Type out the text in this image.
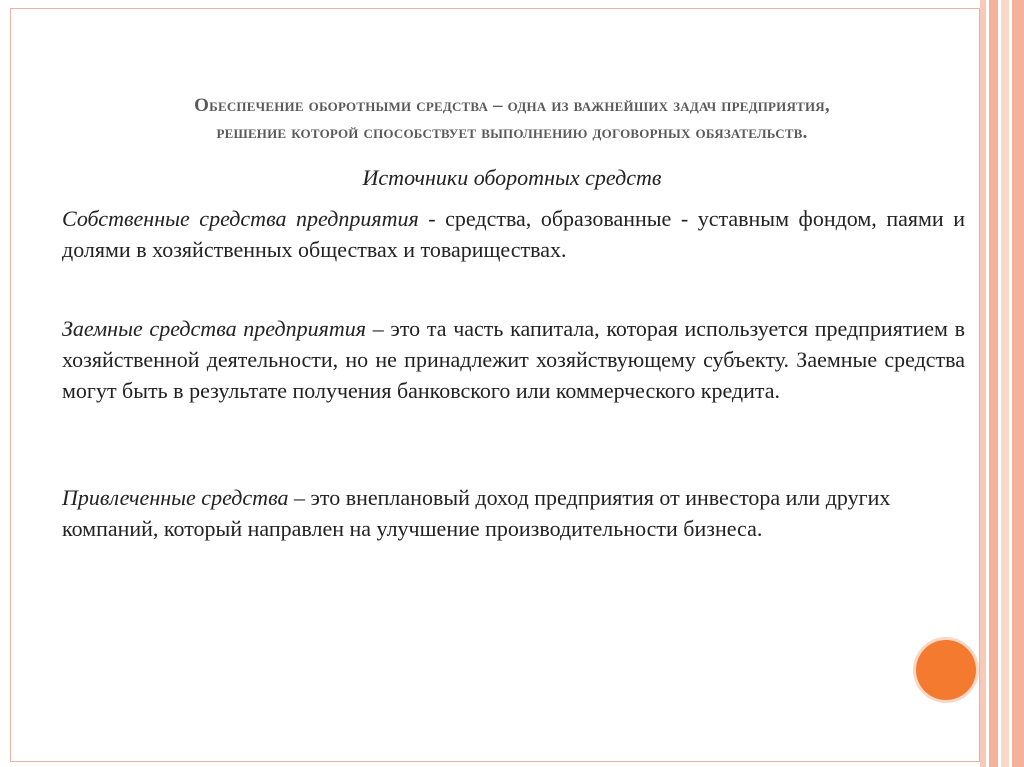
Обеспечение оборотными средства – одна из важнейших задач предприятия,
решение которой способствует выполнению договорных обязательств.
Источники оборотных средств
Собственные средства предприятия - средства, образованные - уставным фондом, паями и долями в хозяйственных обществах и товариществах.
Заемные средства предприятия – это та часть капитала, которая используется предприятием в хозяйственной деятельности, но не принадлежит хозяйствующему субъекту. Заемные средства могут быть в результате получения банковского или коммерческого кредита.
Привлеченные средства – это внеплановый доход предприятия от инвестора или других компаний, который направлен на улучшение производительности бизнеса.
